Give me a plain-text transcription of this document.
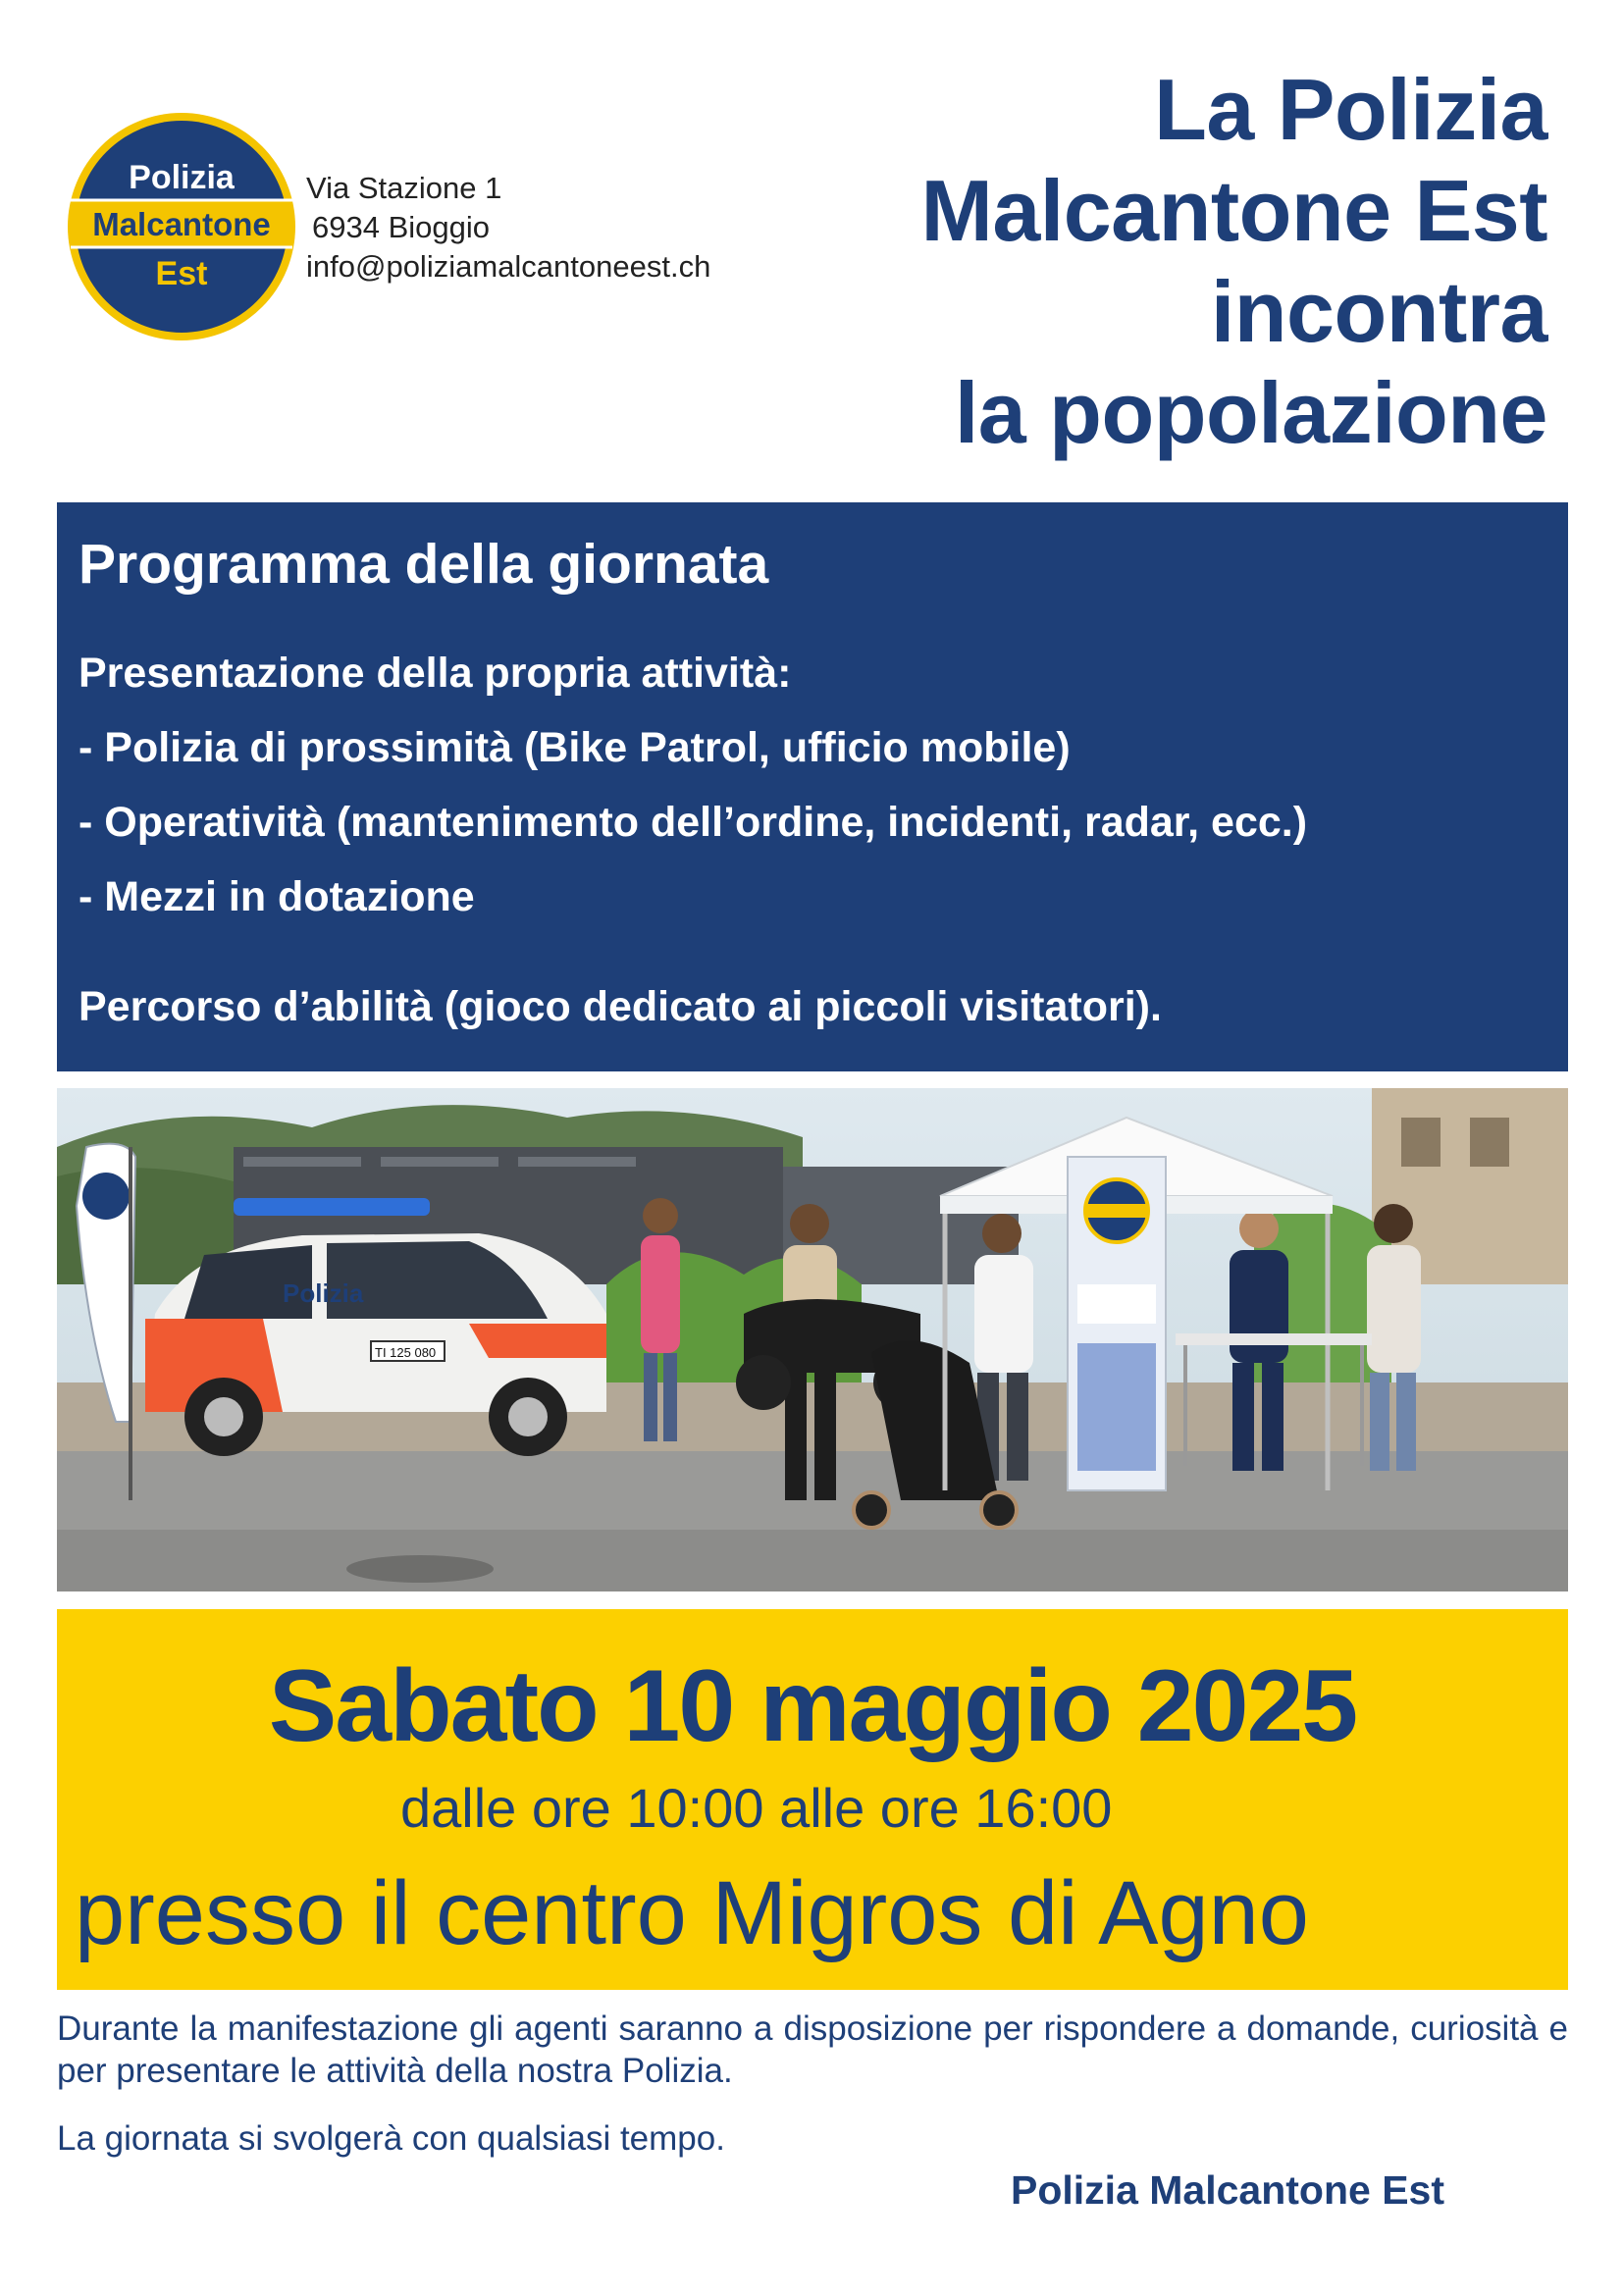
Polizia
Malcantone
Est
Via Stazione 1
6934 Bioggio
info@poliziamalcantoneest.ch
La Polizia
Malcantone Est
incontra
la popolazione
Programma della giornata
Presentazione della propria attività:
- Polizia di prossimità (Bike Patrol, ufficio mobile)
- Operatività (mantenimento dell’ordine, incidenti, radar, ecc.)
- Mezzi in dotazione
Percorso d’abilità (gioco dedicato ai piccoli visitatori).
Polizia
TI 125 080
Sabato 10 maggio 2025
dalle ore 10:00 alle ore 16:00
presso il centro Migros di Agno
Durante la manifestazione gli agenti saranno a disposizione per rispondere a domande, curiosità e per presentare le attività della nostra Polizia.
La giornata si svolgerà con qualsiasi tempo.
Polizia Malcantone Est
